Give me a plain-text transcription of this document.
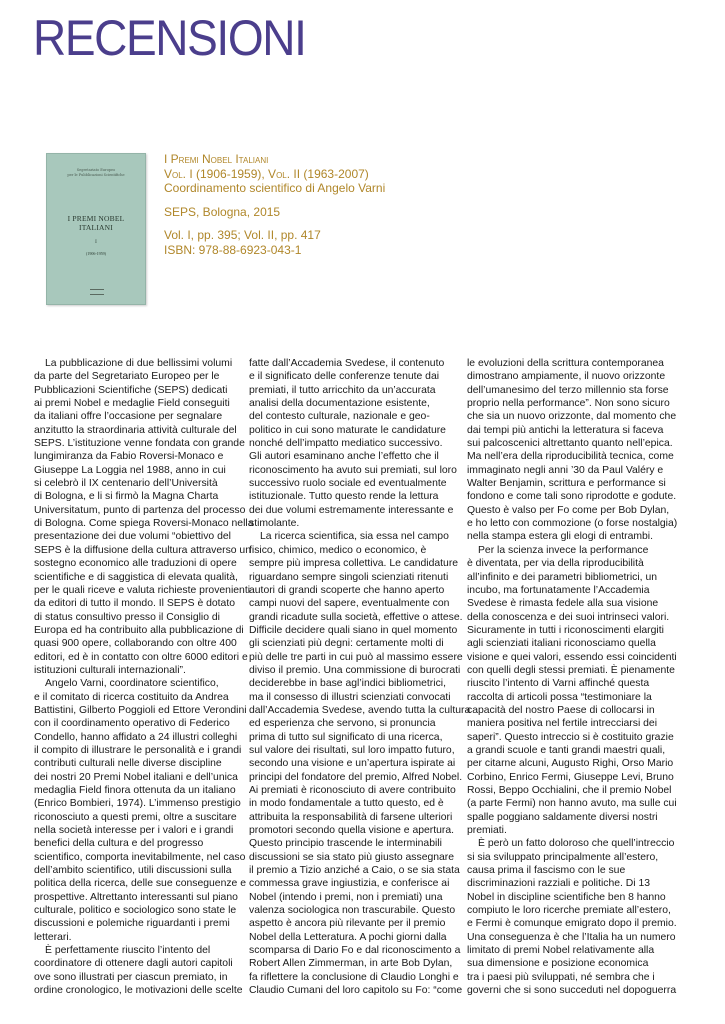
RECENSIONI
Segretariato Europeo
per le Pubblicazioni Scientifiche
I PREMI NOBEL
ITALIANI
I
(1906-1959)
I Premi Nobel Italiani
Vol. I (1906-1959), Vol. II (1963-2007)
Coordinamento scientifico di Angelo Varni
SEPS, Bologna, 2015
Vol. I, pp. 395; Vol. II, pp. 417
ISBN: 978-88-6923-043-1
La pubblicazione di due bellissimi volumi
da parte del Segretariato Europeo per le
Pubblicazioni Scientifiche (SEPS) dedicati
ai premi Nobel e medaglie Field conseguiti
da italiani offre l’occasione per segnalare
anzitutto la straordinaria attività culturale del
SEPS. L’istituzione venne fondata con grande
lungimiranza da Fabio Roversi-Monaco e
Giuseppe La Loggia nel 1988, anno in cui
si celebrò il IX centenario dell’Università
di Bologna, e li si firmò la Magna Charta
Universitatum, punto di partenza del processo
di Bologna. Come spiega Roversi-Monaco nella
presentazione dei due volumi “obiettivo del
SEPS è la diffusione della cultura attraverso un
sostegno economico alle traduzioni di opere
scientifiche e di saggistica di elevata qualità,
per le quali riceve e valuta richieste provenienti
da editori di tutto il mondo. Il SEPS è dotato
di status consultivo presso il Consiglio di
Europa ed ha contribuito alla pubblicazione di
quasi 900 opere, collaborando con oltre 400
editori, ed è in contatto con oltre 6000 editori e
istituzioni culturali internazionali”.
Angelo Varni, coordinatore scientifico,
e il comitato di ricerca costituito da Andrea
Battistini, Gilberto Poggioli ed Ettore Verondini
con il coordinamento operativo di Federico
Condello, hanno affidato a 24 illustri colleghi
il compito di illustrare le personalità e i grandi
contributi culturali nelle diverse discipline
dei nostri 20 Premi Nobel italiani e dell’unica
medaglia Field finora ottenuta da un italiano
(Enrico Bombieri, 1974). L’immenso prestigio
riconosciuto a questi premi, oltre a suscitare
nella società interesse per i valori e i grandi
benefici della cultura e del progresso
scientifico, comporta inevitabilmente, nel caso
dell’ambito scientifico, utili discussioni sulla
politica della ricerca, delle sue conseguenze e
prospettive. Altrettanto interessanti sul piano
culturale, politico e sociologico sono state le
discussioni e polemiche riguardanti i premi
letterari.
È perfettamente riuscito l’intento del
coordinatore di ottenere dagli autori capitoli
ove sono illustrati per ciascun premiato, in
ordine cronologico, le motivazioni delle scelte
fatte dall’Accademia Svedese, il contenuto
e il significato delle conferenze tenute dai
premiati, il tutto arricchito da un’accurata
analisi della documentazione esistente,
del contesto culturale, nazionale e geo-
politico in cui sono maturate le candidature
nonché dell’impatto mediatico successivo.
Gli autori esaminano anche l’effetto che il
riconoscimento ha avuto sui premiati, sul loro
successivo ruolo sociale ed eventualmente
istituzionale. Tutto questo rende la lettura
dei due volumi estremamente interessante e
stimolante.
La ricerca scientifica, sia essa nel campo
fisico, chimico, medico o economico, è
sempre più impresa collettiva. Le candidature
riguardano sempre singoli scienziati ritenuti
autori di grandi scoperte che hanno aperto
campi nuovi del sapere, eventualmente con
grandi ricadute sulla società, effettive o attese.
Difficile decidere quali siano in quel momento
gli scienziati più degni: certamente molti di
più delle tre parti in cui può al massimo essere
diviso il premio. Una commissione di burocrati
deciderebbe in base agl’indici bibliometrici,
ma il consesso di illustri scienziati convocati
dall’Accademia Svedese, avendo tutta la cultura
ed esperienza che servono, si pronuncia
prima di tutto sul significato di una ricerca,
sul valore dei risultati, sul loro impatto futuro,
secondo una visione e un’apertura ispirate ai
principi del fondatore del premio, Alfred Nobel.
Ai premiati è riconosciuto di avere contribuito
in modo fondamentale a tutto questo, ed è
attribuita la responsabilità di farsene ulteriori
promotori secondo quella visione e apertura.
Questo principio trascende le interminabili
discussioni se sia stato più giusto assegnare
il premio a Tizio anziché a Caio, o se sia stata
commessa grave ingiustizia, e conferisce ai
Nobel (intendo i premi, non i premiati) una
valenza sociologica non trascurabile. Questo
aspetto è ancora più rilevante per il premio
Nobel della Letteratura. A pochi giorni dalla
scomparsa di Dario Fo e dal riconoscimento a
Robert Allen Zimmerman, in arte Bob Dylan,
fa riflettere la conclusione di Claudio Longhi e
Claudio Cumani del loro capitolo su Fo: “come
le evoluzioni della scrittura contemporanea
dimostrano ampiamente, il nuovo orizzonte
dell’umanesimo del terzo millennio sta forse
proprio nella performance”. Non sono sicuro
che sia un nuovo orizzonte, dal momento che
dai tempi più antichi la letteratura si faceva
sui palcoscenici altrettanto quanto nell’epica.
Ma nell’era della riproducibilità tecnica, come
immaginato negli anni ’30 da Paul Valéry e
Walter Benjamin, scrittura e performance si
fondono e come tali sono riprodotte e godute.
Questo è valso per Fo come per Bob Dylan,
e ho letto con commozione (o forse nostalgia)
nella stampa estera gli elogi di entrambi.
Per la scienza invece la performance
è diventata, per via della riproducibilità
all’infinito e dei parametri bibliometrici, un
incubo, ma fortunatamente l’Accademia
Svedese è rimasta fedele alla sua visione
della conoscenza e dei suoi intrinseci valori.
Sicuramente in tutti i riconoscimenti elargiti
agli scienziati italiani riconosciamo quella
visione e quei valori, essendo essi coincidenti
con quelli degli stessi premiati. È pienamente
riuscito l’intento di Varni affinché questa
raccolta di articoli possa “testimoniare la
capacità del nostro Paese di collocarsi in
maniera positiva nel fertile intrecciarsi dei
saperi”. Questo intreccio si è costituito grazie
a grandi scuole e tanti grandi maestri quali,
per citarne alcuni, Augusto Righi, Orso Mario
Corbino, Enrico Fermi, Giuseppe Levi, Bruno
Rossi, Beppo Occhialini, che il premio Nobel
(a parte Fermi) non hanno avuto, ma sulle cui
spalle poggiano saldamente diversi nostri
premiati.
È però un fatto doloroso che quell’intreccio
si sia sviluppato principalmente all’estero,
causa prima il fascismo con le sue
discriminazioni razziali e politiche. Di 13
Nobel in discipline scientifiche ben 8 hanno
compiuto le loro ricerche premiate all’estero,
e Fermi è comunque emigrato dopo il premio.
Una conseguenza è che l’Italia ha un numero
limitato di premi Nobel relativamente alla
sua dimensione e posizione economica
tra i paesi più sviluppati, né sembra che i
governi che si sono succeduti nel dopoguerra
